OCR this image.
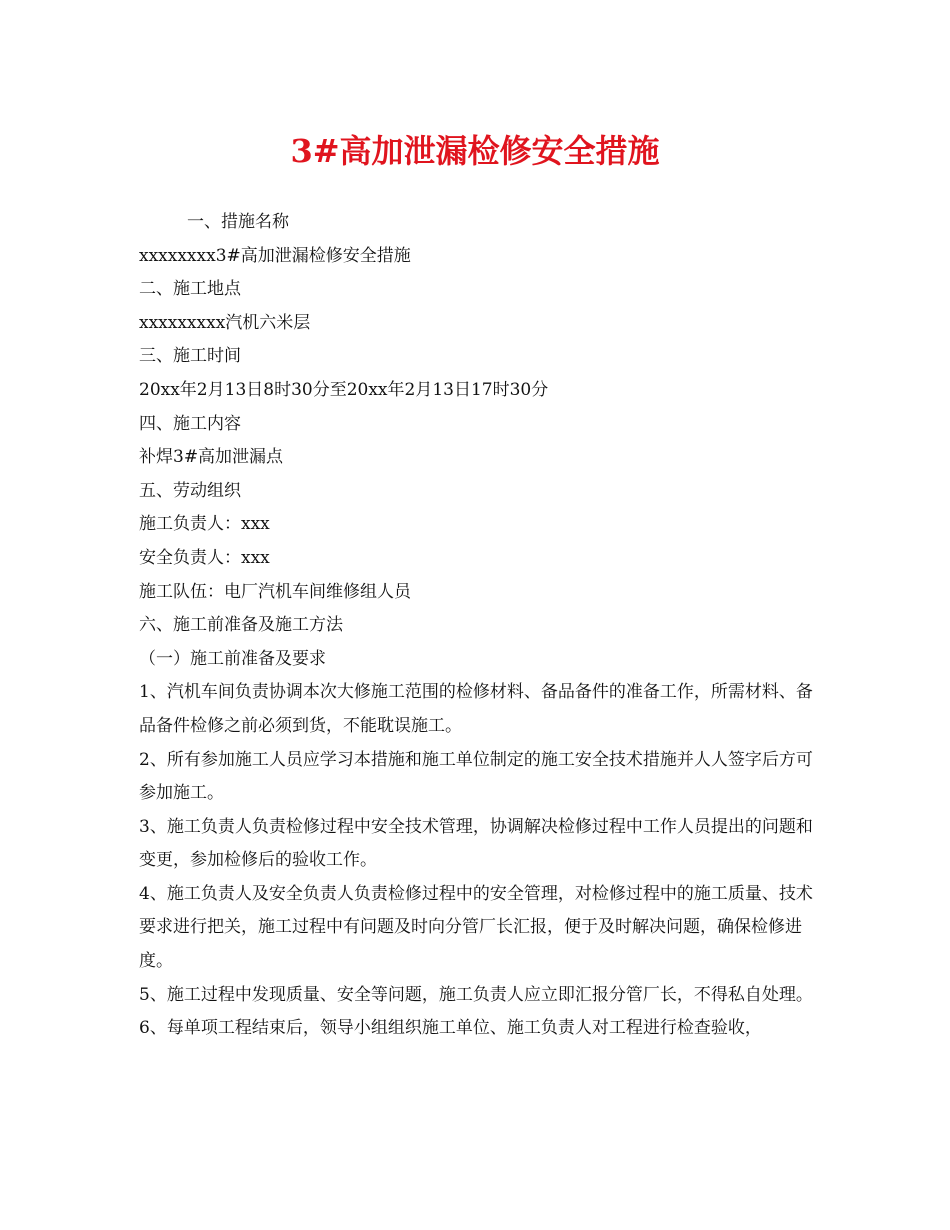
3#高加泄漏检修安全措施
一、措施名称
xxxxxxxx3#高加泄漏检修安全措施
二、施工地点
xxxxxxxxx汽机六米层
三、施工时间
20xx年2月13日8时30分至20xx年2月13日17时30分
四、施工内容
补焊3#高加泄漏点
五、劳动组织
施工负责人：xxx
安全负责人：xxx
施工队伍：电厂汽机车间维修组人员
六、施工前准备及施工方法
（一）施工前准备及要求
1、汽机车间负责协调本次大修施工范围的检修材料、备品备件的准备工作，所需材料、备品备件检修之前必须到货，不能耽误施工。
2、所有参加施工人员应学习本措施和施工单位制定的施工安全技术措施并人人签字后方可参加施工。
3、施工负责人负责检修过程中安全技术管理，协调解决检修过程中工作人员提出的问题和变更，参加检修后的验收工作。
4、施工负责人及安全负责人负责检修过程中的安全管理，对检修过程中的施工质量、技术要求进行把关，施工过程中有问题及时向分管厂长汇报，便于及时解决问题，确保检修进度。
5、施工过程中发现质量、安全等问题，施工负责人应立即汇报分管厂长，不得私自处理。
6、每单项工程结束后，领导小组组织施工单位、施工负责人对工程进行检查验收，
